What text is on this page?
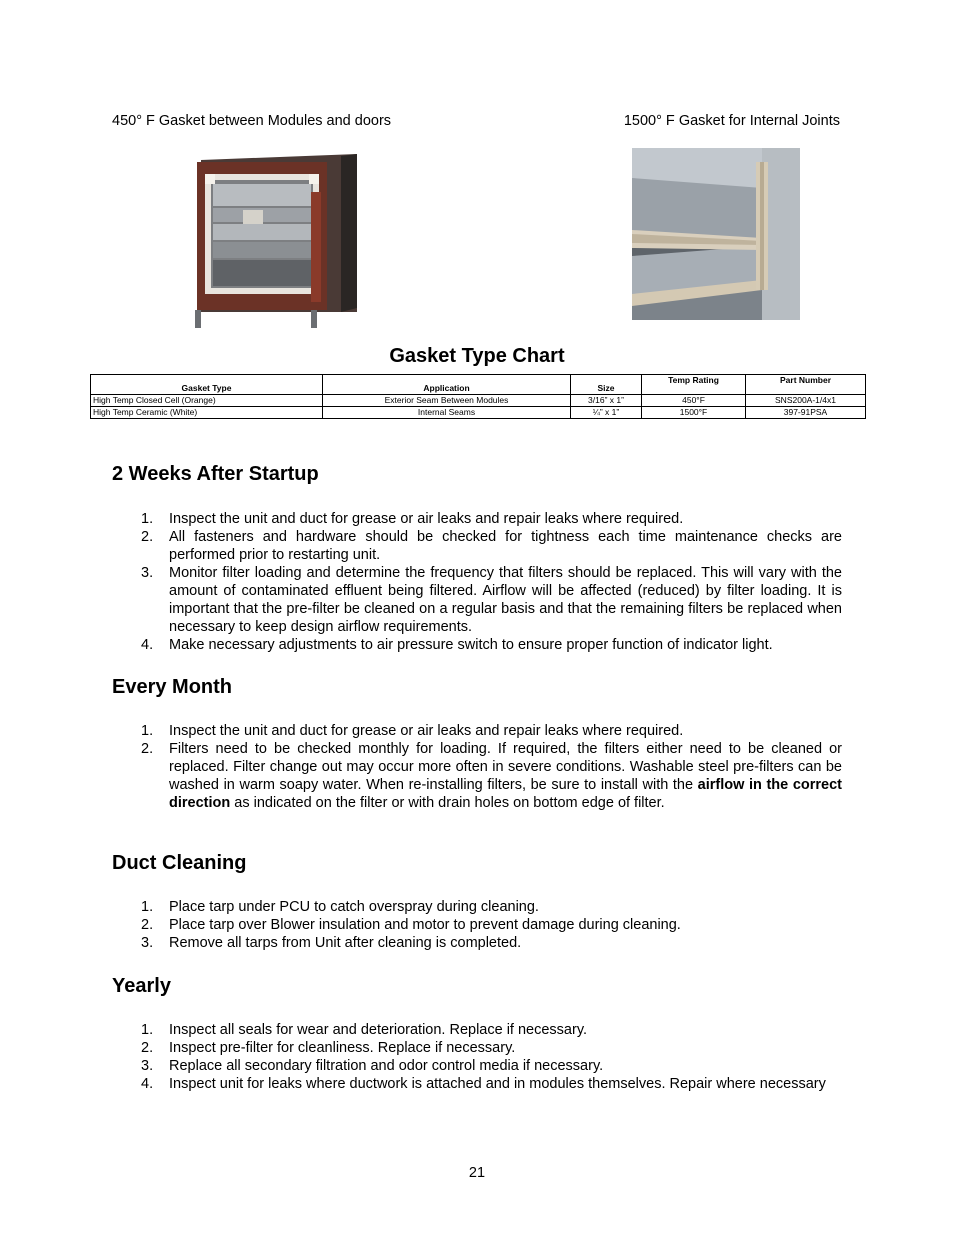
450° F Gasket between Modules and doors	1500° F Gasket for Internal Joints
Gasket Type Chart
Gasket Type	Application	Size	Temp Rating	Part Number
High Temp Closed Cell (Orange)	Exterior Seam Between Modules	3/16” x 1”	450°F	SNS200A-1/4x1
High Temp Ceramic (White)	Internal Seams	¼” x 1”	1500°F	397-91PSA
2 Weeks After Startup
1. Inspect the unit and duct for grease or air leaks and repair leaks where required.
2. All fasteners and hardware should be checked for tightness each time maintenance checks are performed prior to restarting unit.
3. Monitor filter loading and determine the frequency that filters should be replaced. This will vary with the amount of contaminated effluent being filtered. Airflow will be affected (reduced) by filter loading. It is important that the pre-filter be cleaned on a regular basis and that the remaining filters be replaced when necessary to keep design airflow requirements.
4. Make necessary adjustments to air pressure switch to ensure proper function of indicator light.
Every Month
1. Inspect the unit and duct for grease or air leaks and repair leaks where required.
2. Filters need to be checked monthly for loading. If required, the filters either need to be cleaned or replaced. Filter change out may occur more often in severe conditions. Washable steel pre-filters can be washed in warm soapy water. When re-installing filters, be sure to install with the airflow in the correct direction as indicated on the filter or with drain holes on bottom edge of filter.
Duct Cleaning
1. Place tarp under PCU to catch overspray during cleaning.
2. Place tarp over Blower insulation and motor to prevent damage during cleaning.
3. Remove all tarps from Unit after cleaning is completed.
Yearly
1. Inspect all seals for wear and deterioration. Replace if necessary.
2. Inspect pre-filter for cleanliness. Replace if necessary.
3. Replace all secondary filtration and odor control media if necessary.
4. Inspect unit for leaks where ductwork is attached and in modules themselves. Repair where necessary
21
